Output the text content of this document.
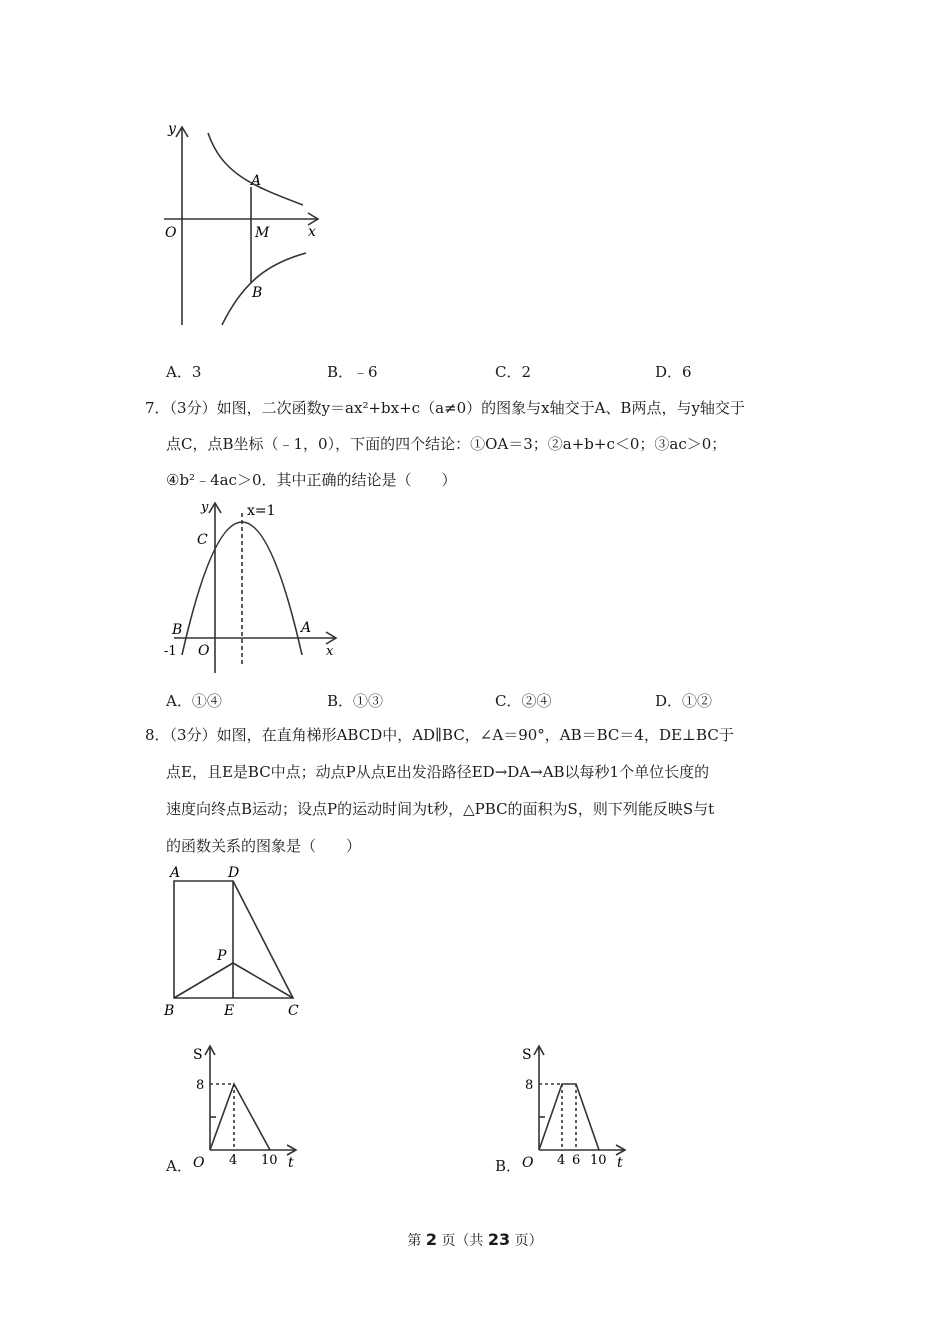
y
x
O
A
M
B
A．3	B．﹣6	C．2	D．6
7．（3分）如图，二次函数y＝ax²+bx+c（a≠0）的图象与x轴交于A、B两点，与y轴交于
点C，点B坐标（﹣1，0），下面的四个结论：①OA＝3；②a+b+c＜0；③ac＞0；
④b²﹣4ac＞0．其中正确的结论是（　　）
y
x
x=1
C
B	A
O
-1
A．①④	B．①③	C．②④	D．①②
8．（3分）如图，在直角梯形ABCD中，AD∥BC，∠A＝90°，AB＝BC＝4，DE⊥BC于
点E，且E是BC中点；动点P从点E出发沿路径ED→DA→AB以每秒1个单位长度的
速度向终点B运动；设点P的运动时间为t秒，△PBC的面积为S，则下列能反映S与t
的函数关系的图象是（　　）
A	D
P
B	E	C
A．
S
t
O
8
4 10	B．
S
t
O
8
4 6 10
第 2 页（共 23 页）
